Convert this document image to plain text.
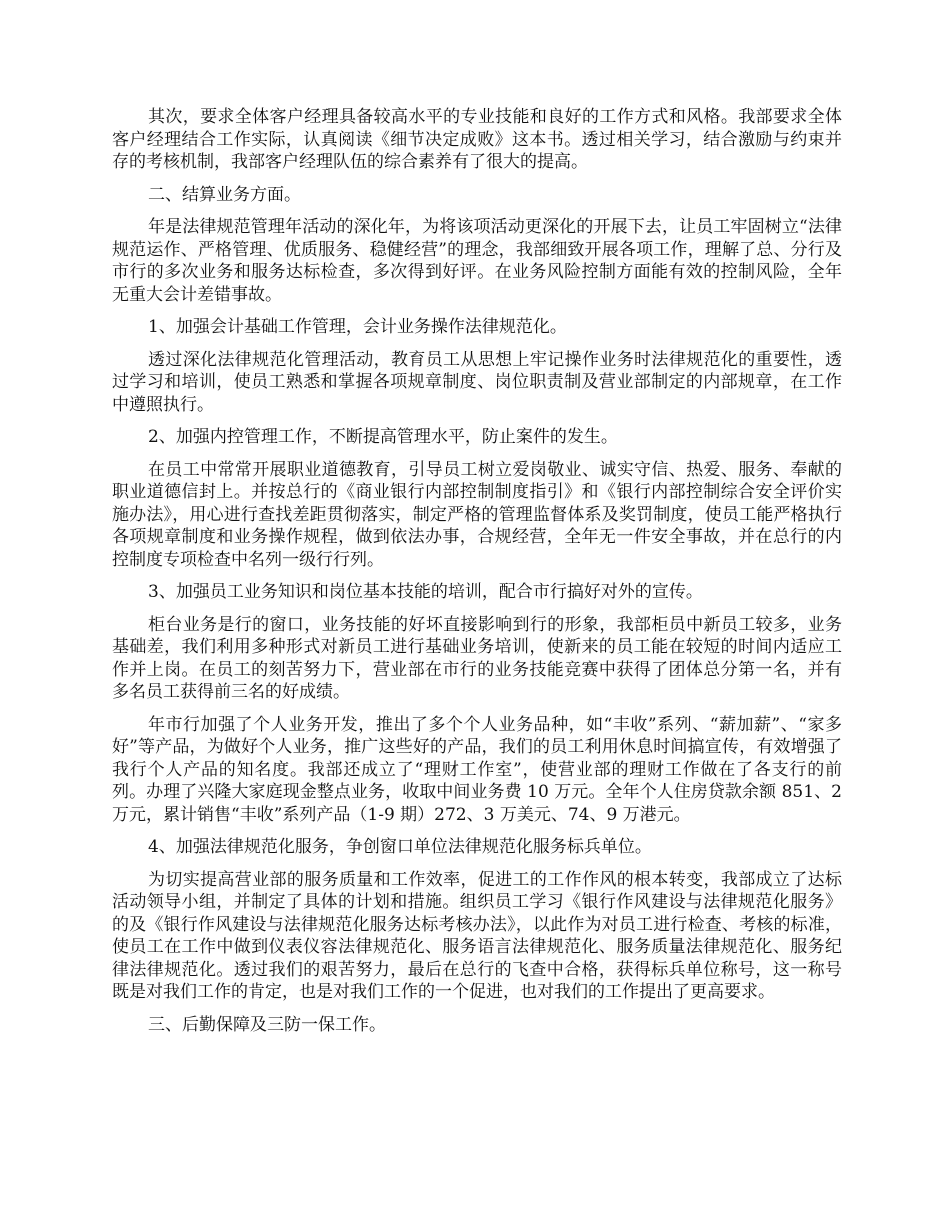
其次，要求全体客户经理具备较高水平的专业技能和良好的工作方式和风格。我部要求全体客户经理结合工作实际，认真阅读《细节决定成败》这本书。透过相关学习，结合激励与约束并存的考核机制，我部客户经理队伍的综合素养有了很大的提高。

二、结算业务方面。

年是法律规范管理年活动的深化年，为将该项活动更深化的开展下去，让员工牢固树立“法律规范运作、严格管理、优质服务、稳健经营”的理念，我部细致开展各项工作，理解了总、分行及市行的多次业务和服务达标检查，多次得到好评。在业务风险控制方面能有效的控制风险，全年无重大会计差错事故。

1、加强会计基础工作管理，会计业务操作法律规范化。

透过深化法律规范化管理活动，教育员工从思想上牢记操作业务时法律规范化的重要性，透过学习和培训，使员工熟悉和掌握各项规章制度、岗位职责制及营业部制定的内部规章，在工作中遵照执行。

2、加强内控管理工作，不断提高管理水平，防止案件的发生。

在员工中常常开展职业道德教育，引导员工树立爱岗敬业、诚实守信、热爱、服务、奉献的职业道德信封上。并按总行的《商业银行内部控制制度指引》和《银行内部控制综合安全评价实施办法》，用心进行查找差距贯彻落实，制定严格的管理监督体系及奖罚制度，使员工能严格执行各项规章制度和业务操作规程，做到依法办事，合规经营，全年无一件安全事故，并在总行的内控制度专项检查中名列一级行行列。

3、加强员工业务知识和岗位基本技能的培训，配合市行搞好对外的宣传。

柜台业务是行的窗口，业务技能的好坏直接影响到行的形象，我部柜员中新员工较多，业务基础差，我们利用多种形式对新员工进行基础业务培训，使新来的员工能在较短的时间内适应工作并上岗。在员工的刻苦努力下，营业部在市行的业务技能竞赛中获得了团体总分第一名，并有多名员工获得前三名的好成绩。

年市行加强了个人业务开发，推出了多个个人业务品种，如“丰收”系列、“薪加薪”、“家多好”等产品，为做好个人业务，推广这些好的产品，我们的员工利用休息时间搞宣传，有效增强了我行个人产品的知名度。我部还成立了“理财工作室”，使营业部的理财工作做在了各支行的前列。办理了兴隆大家庭现金整点业务，收取中间业务费 10 万元。全年个人住房贷款余额 851、2 万元，累计销售“丰收”系列产品（1-9 期）272、3 万美元、74、9 万港元。

4、加强法律规范化服务，争创窗口单位法律规范化服务标兵单位。

为切实提高营业部的服务质量和工作效率，促进工的工作作风的根本转变，我部成立了达标活动领导小组，并制定了具体的计划和措施。组织员工学习《银行作风建设与法律规范化服务》的及《银行作风建设与法律规范化服务达标考核办法》，以此作为对员工进行检查、考核的标准，使员工在工作中做到仪表仪容法律规范化、服务语言法律规范化、服务质量法律规范化、服务纪律法律规范化。透过我们的艰苦努力，最后在总行的飞查中合格，获得标兵单位称号，这一称号既是对我们工作的肯定，也是对我们工作的一个促进，也对我们的工作提出了更高要求。

三、后勤保障及三防一保工作。
